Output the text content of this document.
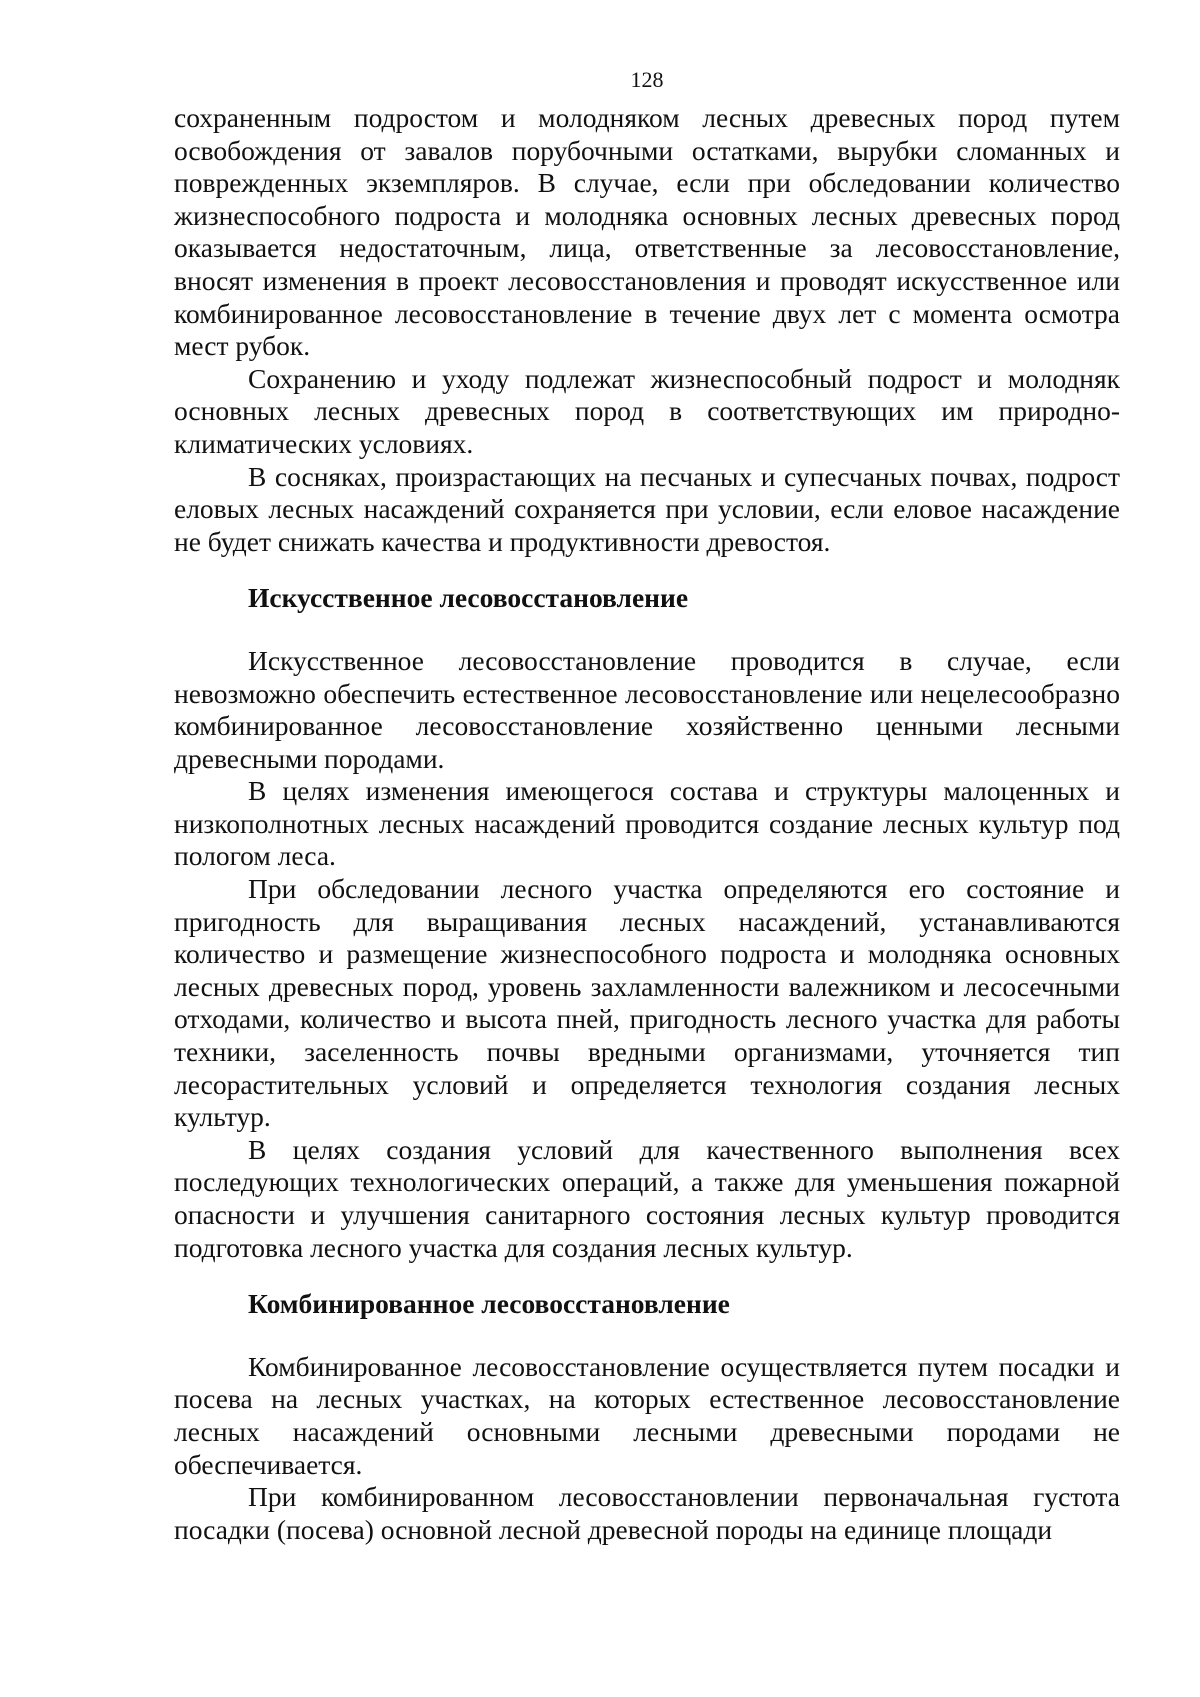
128

сохраненным подростом и молодняком лесных древесных пород путем освобождения от завалов порубочными остатками, вырубки сломанных и поврежденных экземпляров. В случае, если при обследовании количество жизнеспособного подроста и молодняка основных лесных древесных пород оказывается недостаточным, лица, ответственные за лесовосстановление, вносят изменения в проект лесовосстановления и проводят искусственное или комбинированное лесовосстановление в течение двух лет с момента осмотра мест рубок.

Сохранению и уходу подлежат жизнеспособный подрост и молодняк основных лесных древесных пород в соответствующих им природно-климатических условиях.

В сосняках, произрастающих на песчаных и супесчаных почвах, подрост еловых лесных насаждений сохраняется при условии, если еловое насаждение не будет снижать качества и продуктивности древостоя.

Искусственное лесовосстановление

Искусственное лесовосстановление проводится в случае, если невозможно обеспечить естественное лесовосстановление или нецелесообразно комбинированное лесовосстановление хозяйственно ценными лесными древесными породами.

В целях изменения имеющегося состава и структуры малоценных и низкополнотных лесных насаждений проводится создание лесных культур под пологом леса.

При обследовании лесного участка определяются его состояние и пригодность для выращивания лесных насаждений, устанавливаются количество и размещение жизнеспособного подроста и молодняка основных лесных древесных пород, уровень захламленности валежником и лесосечными отходами, количество и высота пней, пригодность лесного участка для работы техники, заселенность почвы вредными организмами, уточняется тип лесорастительных условий и определяется технология создания лесных культур.

В целях создания условий для качественного выполнения всех последующих технологических операций, а также для уменьшения пожарной опасности и улучшения санитарного состояния лесных культур проводится подготовка лесного участка для создания лесных культур.

Комбинированное лесовосстановление

Комбинированное лесовосстановление осуществляется путем посадки и посева на лесных участках, на которых естественное лесовосстановление лесных насаждений основными лесными древесными породами не обеспечивается.

При комбинированном лесовосстановлении первоначальная густота посадки (посева) основной лесной древесной породы на единице площади
